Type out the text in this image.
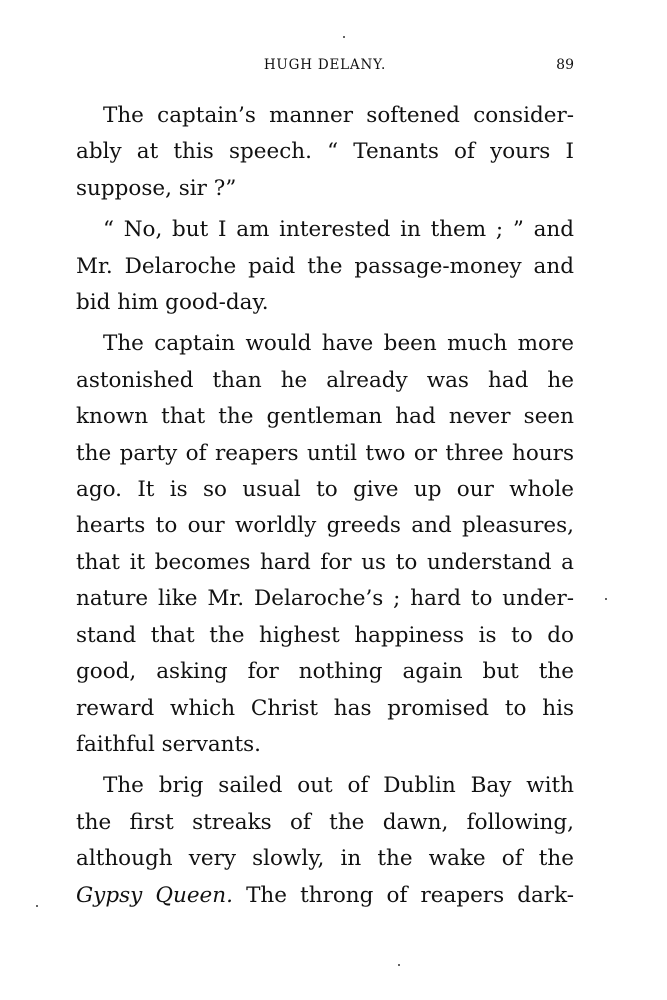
HUGH DELANY.	89

The captain’s manner softened consider-
ably at this speech. “ Tenants of yours I
suppose, sir ?”

“ No, but I am interested in them ; ” and
Mr. Delaroche paid the passage-money and
bid him good-day.

The captain would have been much more
astonished than he already was had he
known that the gentleman had never seen
the party of reapers until two or three hours
ago. It is so usual to give up our whole
hearts to our worldly greeds and pleasures,
that it becomes hard for us to understand a
nature like Mr. Delaroche’s ; hard to under-
stand that the highest happiness is to do
good, asking for nothing again but the
reward which Christ has promised to his
faithful servants.

The brig sailed out of Dublin Bay with
the first streaks of the dawn, following,
although very slowly, in the wake of the
Gypsy Queen. The throng of reapers dark-
